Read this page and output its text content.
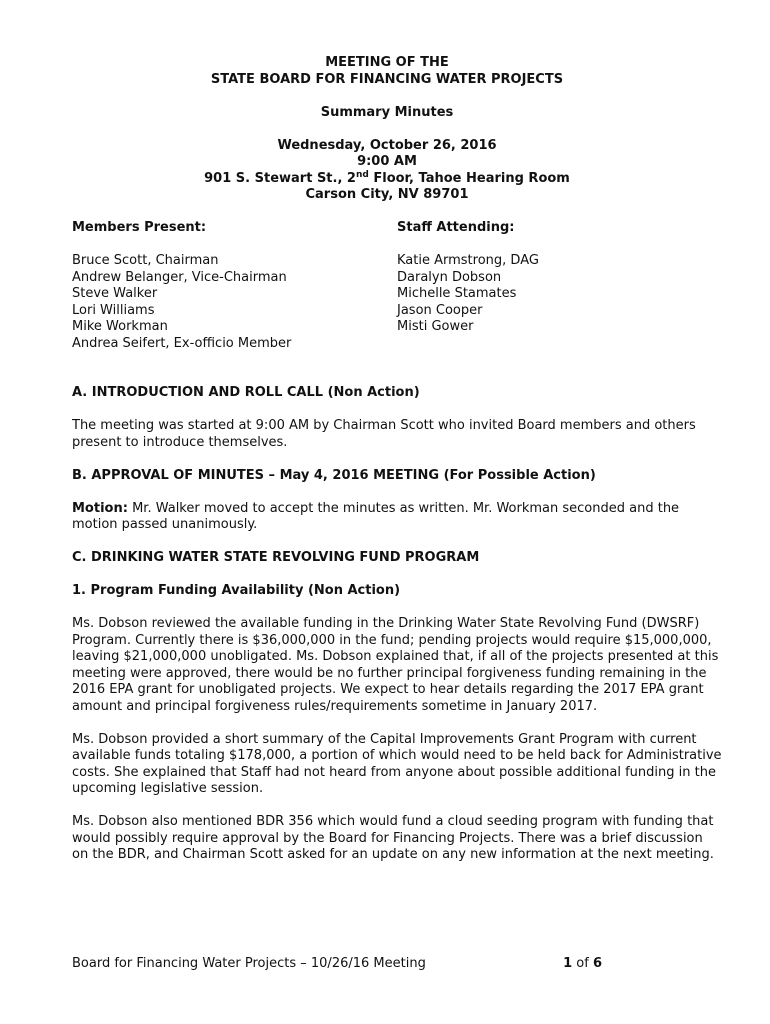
MEETING OF THE
STATE BOARD FOR FINANCING WATER PROJECTS
Summary Minutes
Wednesday, October 26, 2016
9:00 AM
901 S. Stewart St., 2nd Floor, Tahoe Hearing Room
Carson City, NV 89701
Members Present:
Bruce Scott, Chairman
Andrew Belanger, Vice-Chairman
Steve Walker
Lori Williams
Mike Workman
Andrea Seifert, Ex-officio Member
Staff Attending:
Katie Armstrong, DAG
Daralyn Dobson
Michelle Stamates
Jason Cooper
Misti Gower
A. INTRODUCTION AND ROLL CALL (Non Action)
The meeting was started at 9:00 AM by Chairman Scott who invited Board members and others
present to introduce themselves.
B. APPROVAL OF MINUTES – May 4, 2016 MEETING (For Possible Action)
Motion: Mr. Walker moved to accept the minutes as written. Mr. Workman seconded and the
motion passed unanimously.
C. DRINKING WATER STATE REVOLVING FUND PROGRAM
1. Program Funding Availability (Non Action)
Ms. Dobson reviewed the available funding in the Drinking Water State Revolving Fund (DWSRF)
Program. Currently there is $36,000,000 in the fund; pending projects would require $15,000,000,
leaving $21,000,000 unobligated. Ms. Dobson explained that, if all of the projects presented at this
meeting were approved, there would be no further principal forgiveness funding remaining in the
2016 EPA grant for unobligated projects. We expect to hear details regarding the 2017 EPA grant
amount and principal forgiveness rules/requirements sometime in January 2017.
Ms. Dobson provided a short summary of the Capital Improvements Grant Program with current
available funds totaling $178,000, a portion of which would need to be held back for Administrative
costs. She explained that Staff had not heard from anyone about possible additional funding in the
upcoming legislative session.
Ms. Dobson also mentioned BDR 356 which would fund a cloud seeding program with funding that
would possibly require approval by the Board for Financing Projects. There was a brief discussion
on the BDR, and Chairman Scott asked for an update on any new information at the next meeting.
Board for Financing Water Projects – 10/26/16 Meeting	1 of 6
